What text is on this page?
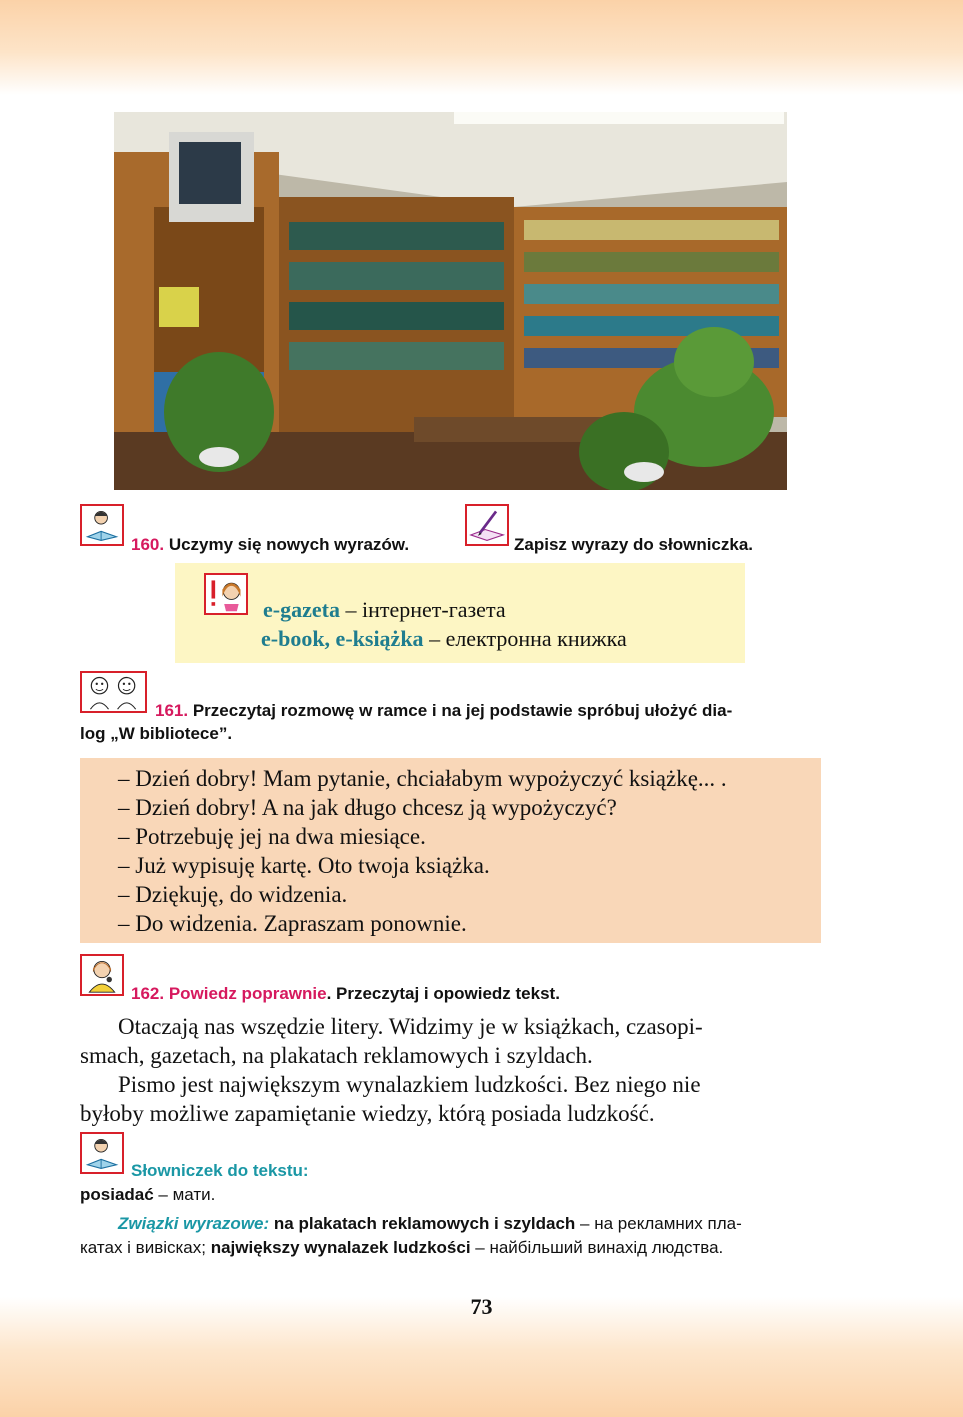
160. Uczymy się nowych wyrazów.	Zapisz wyrazy do słowniczka.
e-gazeta – інтернет-газета
e-book, e-książka – електронна книжка
161. Przeczytaj rozmowę w ramce i na jej podstawie spróbuj ułożyć dia-
log „W bibliotece”.
– Dzień dobry! Mam pytanie, chciałabym wypożyczyć książkę... .
– Dzień dobry! A na jak długo chcesz ją wypożyczyć?
– Potrzebuję jej na dwa miesiące.
– Już wypisuję kartę. Oto twoja książka.
– Dziękuję, do widzenia.
– Do widzenia. Zapraszam ponownie.
162. Powiedz poprawnie. Przeczytaj i opowiedz tekst.
Otaczają nas wszędzie litery. Widzimy je w książkach, czasopi-
smach, gazetach, na plakatach reklamowych i szyldach.
Pismo jest największym wynalazkiem ludzkości. Bez niego nie
byłoby możliwe zapamiętanie wiedzy, którą posiada ludzkość.
Słowniczek do tekstu:
posiadać – мати.
Związki wyrazowe: na plakatach reklamowych i szyldach – на рекламних пла-
катах і вивісках; największy wynalazek ludzkości – найбільший винахід людства.
73
